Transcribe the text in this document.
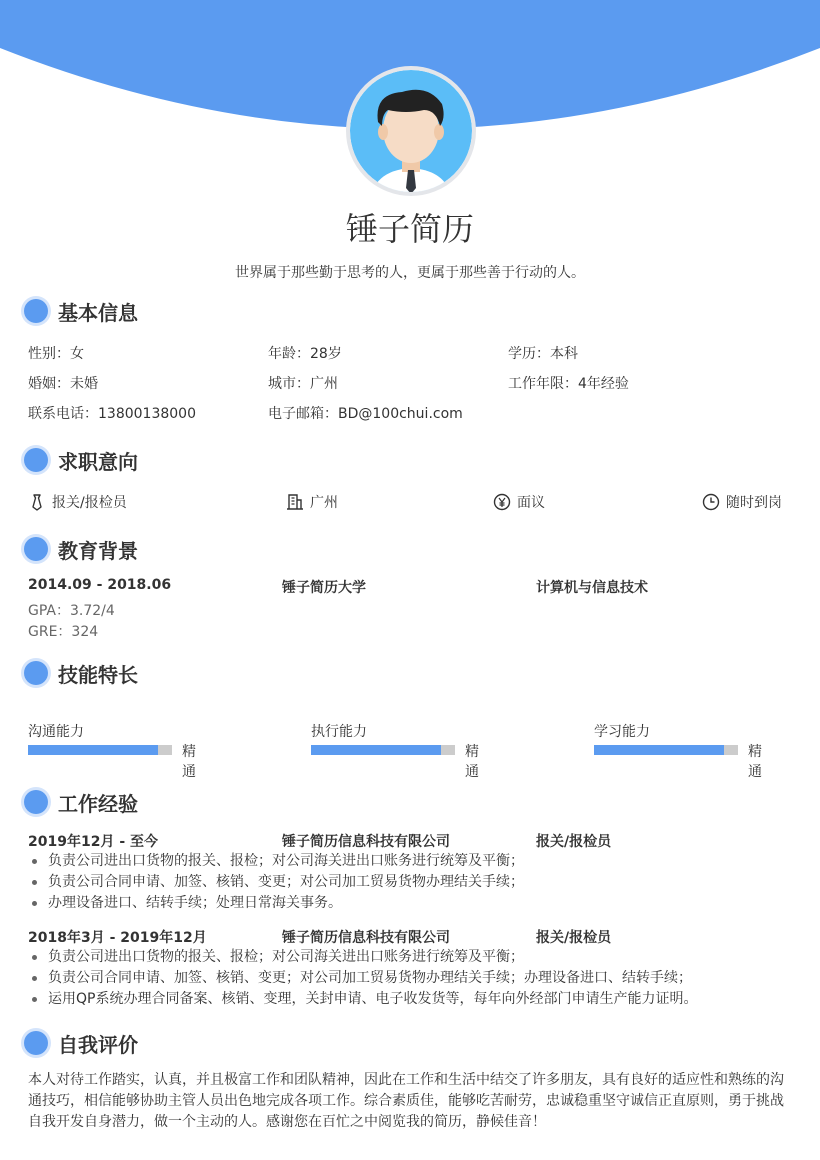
锤子简历
世界属于那些勤于思考的人，更属于那些善于行动的人。
基本信息
性别：女	年龄：28岁	学历：本科
婚姻：未婚	城市：广州	工作年限：4年经验
联系电话：13800138000	电子邮箱：BD@100chui.com
求职意向
报关/报检员	广州	面议	随时到岗
教育背景
2014.09 - 2018.06	锤子简历大学	计算机与信息技术
GPA：3.72/4
GRE：324
技能特长
沟通能力
精通
执行能力
精通
学习能力
精通
工作经验
2019年12月 - 至今	锤子简历信息科技有限公司	报关/报检员
负责公司进出口货物的报关、报检；对公司海关进出口账务进行统筹及平衡；
负责公司合同申请、加签、核销、变更；对公司加工贸易货物办理结关手续；
办理设备进口、结转手续；处理日常海关事务。
2018年3月 - 2019年12月	锤子简历信息科技有限公司	报关/报检员
负责公司进出口货物的报关、报检；对公司海关进出口账务进行统筹及平衡；
负责公司合同申请、加签、核销、变更；对公司加工贸易货物办理结关手续；办理设备进口、结转手续；
运用QP系统办理合同备案、核销、变理，关封申请、电子收发货等，每年向外经部门申请生产能力证明。
自我评价
本人对待工作踏实，认真，并且极富工作和团队精神，因此在工作和生活中结交了许多朋友，具有良好的适应性和熟练的沟通技巧，相信能够协助主管人员出色地完成各项工作。综合素质佳，能够吃苦耐劳，忠诚稳重坚守诚信正直原则，勇于挑战自我开发自身潜力，做一个主动的人。感谢您在百忙之中阅览我的简历，静候佳音！
